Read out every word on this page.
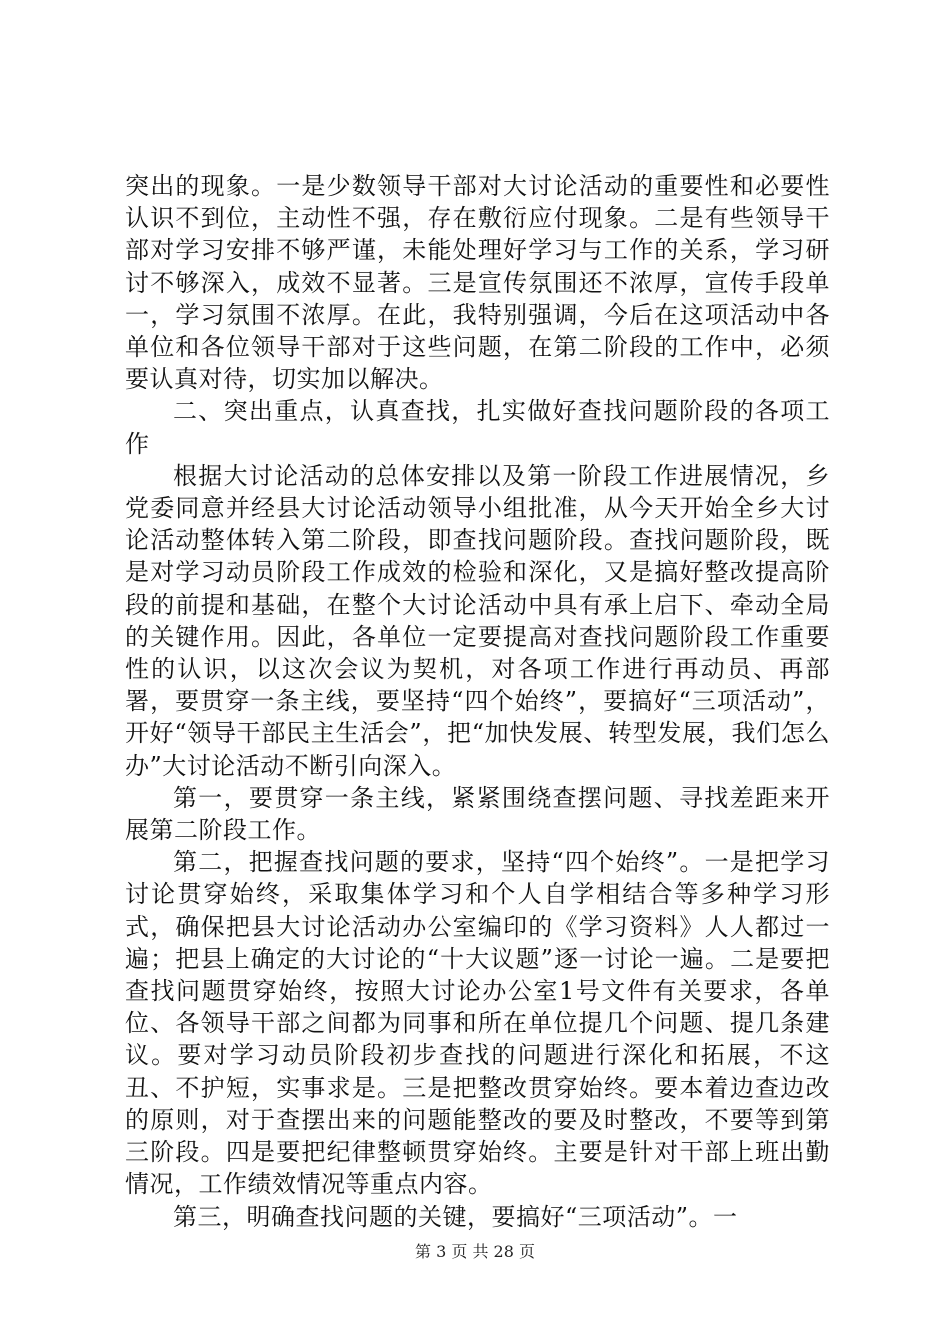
突出的现象。一是少数领导干部对大讨论活动的重要性和必要性认识不到位，主动性不强，存在敷衍应付现象。二是有些领导干部对学习安排不够严谨，未能处理好学习与工作的关系，学习研讨不够深入，成效不显著。三是宣传氛围还不浓厚，宣传手段单一，学习氛围不浓厚。在此，我特别强调，今后在这项活动中各单位和各位领导干部对于这些问题，在第二阶段的工作中，必须要认真对待，切实加以解决。

二、突出重点，认真查找，扎实做好查找问题阶段的各项工作

根据大讨论活动的总体安排以及第一阶段工作进展情况，乡党委同意并经县大讨论活动领导小组批准，从今天开始全乡大讨论活动整体转入第二阶段，即查找问题阶段。查找问题阶段，既是对学习动员阶段工作成效的检验和深化，又是搞好整改提高阶段的前提和基础，在整个大讨论活动中具有承上启下、牵动全局的关键作用。因此，各单位一定要提高对查找问题阶段工作重要性的认识，以这次会议为契机，对各项工作进行再动员、再部署，要贯穿一条主线，要坚持“四个始终”，要搞好“三项活动”，开好“领导干部民主生活会”，把“加快发展、转型发展，我们怎么办”大讨论活动不断引向深入。

第一，要贯穿一条主线，紧紧围绕查摆问题、寻找差距来开展第二阶段工作。

第二，把握查找问题的要求，坚持“四个始终”。一是把学习讨论贯穿始终，采取集体学习和个人自学相结合等多种学习形式，确保把县大讨论活动办公室编印的《学习资料》人人都过一遍；把县上确定的大讨论的“十大议题”逐一讨论一遍。二是要把查找问题贯穿始终，按照大讨论办公室1号文件有关要求，各单位、各领导干部之间都为同事和所在单位提几个问题、提几条建议。要对学习动员阶段初步查找的问题进行深化和拓展，不这丑、不护短，实事求是。三是把整改贯穿始终。要本着边查边改的原则，对于查摆出来的问题能整改的要及时整改，不要等到第三阶段。四是要把纪律整顿贯穿始终。主要是针对干部上班出勤情况，工作绩效情况等重点内容。

第三，明确查找问题的关键，要搞好“三项活动”。一

第 3 页 共 28 页
